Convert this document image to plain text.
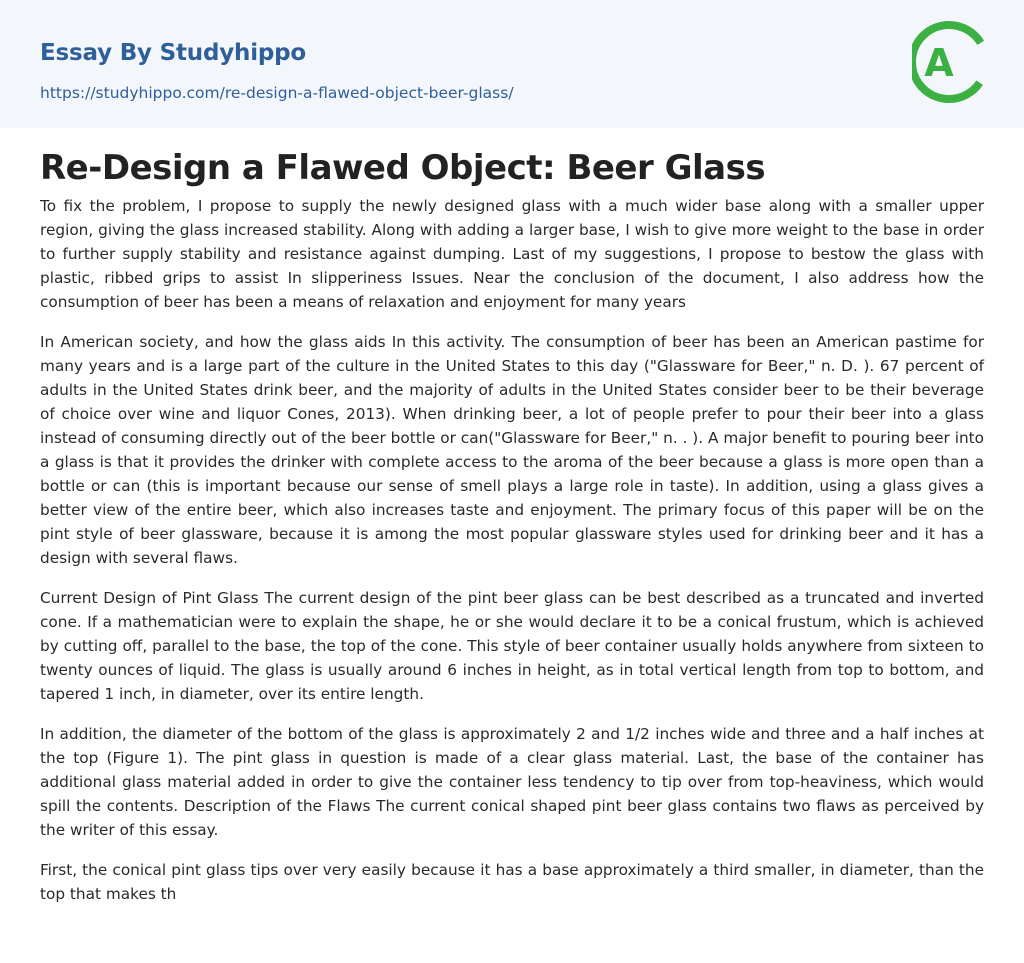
Essay By Studyhippo
https://studyhippo.com/re-design-a-flawed-object-beer-glass/
A
Re-Design a Flawed Object: Beer Glass

To fix the problem, I propose to supply the newly designed glass with a much wider base along with a smaller upper region, giving the glass increased stability. Along with adding a larger base, I wish to give more weight to the base in order to further supply stability and resistance against dumping. Last of my suggestions, I propose to bestow the glass with plastic, ribbed grips to assist In slipperiness Issues. Near the conclusion of the document, I also address how the consumption of beer has been a means of relaxation and enjoyment for many years

In American society, and how the glass aids In this activity. The consumption of beer has been an American pastime for many years and is a large part of the culture in the United States to this day ("Glassware for Beer," n. D. ). 67 percent of adults in the United States drink beer, and the majority of adults in the United States consider beer to be their beverage of choice over wine and liquor Cones, 2013). When drinking beer, a lot of people prefer to pour their beer into a glass instead of consuming directly out of the beer bottle or can("Glassware for Beer," n. . ). A major benefit to pouring beer into a glass is that it provides the drinker with complete access to the aroma of the beer because a glass is more open than a bottle or can (this is important because our sense of smell plays a large role in taste). In addition, using a glass gives a better view of the entire beer, which also increases taste and enjoyment. The primary focus of this paper will be on the pint style of beer glassware, because it is among the most popular glassware styles used for drinking beer and it has a design with several flaws.

Current Design of Pint Glass The current design of the pint beer glass can be best described as a truncated and inverted cone. If a mathematician were to explain the shape, he or she would declare it to be a conical frustum, which is achieved by cutting off, parallel to the base, the top of the cone. This style of beer container usually holds anywhere from sixteen to twenty ounces of liquid. The glass is usually around 6 inches in height, as in total vertical length from top to bottom, and tapered 1 inch, in diameter, over its entire length.

In addition, the diameter of the bottom of the glass is approximately 2 and 1/2 inches wide and three and a half inches at the top (Figure 1). The pint glass in question is made of a clear glass material. Last, the base of the container has additional glass material added in order to give the container less tendency to tip over from top-heaviness, which would spill the contents. Description of the Flaws The current conical shaped pint beer glass contains two flaws as perceived by the writer of this essay.

First, the conical pint glass tips over very easily because it has a base approximately a third smaller, in diameter, than the top that makes th
